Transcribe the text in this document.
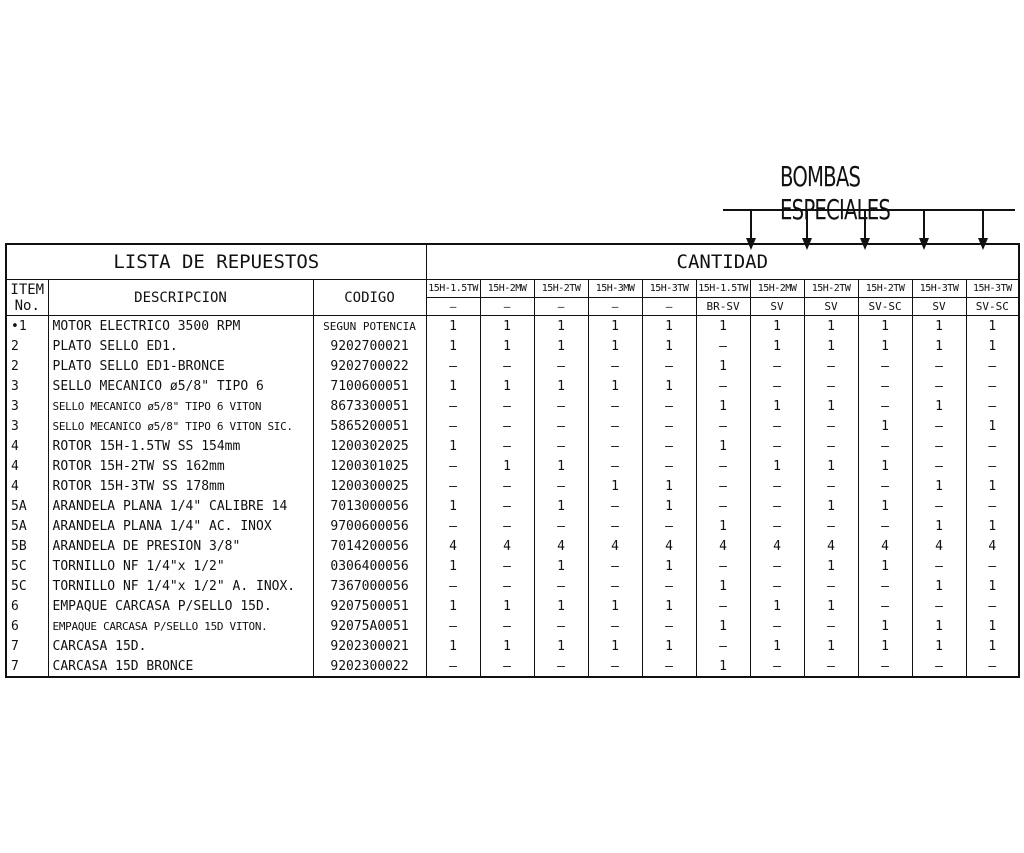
BOMBAS ESPECIALES
LISTA DE REPUESTOS			CANTIDAD										
ITEM
No.	DESCRIPCION	CODIGO	15H-1.5TW	15H-2MW	15H-2TW	15H-3MW	15H-3TW	15H-1.5TW	15H-2MW	15H-2TW	15H-2TW	15H-3TW	15H-3TW
			—	—	—	—	—	BR-SV	SV	SV	SV-SC	SV	SV-SC
•1	MOTOR ELECTRICO 3500 RPM	SEGUN POTENCIA	1	1	1	1	1	1	1	1	1	1	1
2	PLATO SELLO ED1.	9202700021	1	1	1	1	1	—	1	1	1	1	1
2	PLATO SELLO ED1-BRONCE	9202700022	—	—	—	—	—	1	—	—	—	—	—
3	SELLO MECANICO ø5/8" TIPO 6	7100600051	1	1	1	1	1	—	—	—	—	—	—
3	SELLO MECANICO ø5/8" TIPO 6 VITON	8673300051	—	—	—	—	—	1	1	1	—	1	—
3	SELLO MECANICO ø5/8" TIPO 6 VITON SIC.	5865200051	—	—	—	—	—	—	—	—	1	—	1
4	ROTOR 15H-1.5TW SS 154mm	1200302025	1	—	—	—	—	1	—	—	—	—	—
4	ROTOR 15H-2TW SS 162mm	1200301025	—	1	1	—	—	—	1	1	1	—	—
4	ROTOR 15H-3TW SS 178mm	1200300025	—	—	—	1	1	—	—	—	—	1	1
5A	ARANDELA PLANA 1/4" CALIBRE 14	7013000056	1	—	1	—	1	—	—	1	1	—	—
5A	ARANDELA PLANA 1/4" AC. INOX	9700600056	—	—	—	—	—	1	—	—	—	1	1
5B	ARANDELA DE PRESION 3/8"	7014200056	4	4	4	4	4	4	4	4	4	4	4
5C	TORNILLO NF 1/4"x 1/2"	0306400056	1	—	1	—	1	—	—	1	1	—	—
5C	TORNILLO NF 1/4"x 1/2" A. INOX.	7367000056	—	—	—	—	—	1	—	—	—	1	1
6	EMPAQUE CARCASA P/SELLO 15D.	9207500051	1	1	1	1	1	—	1	1	—	—	—
6	EMPAQUE CARCASA P/SELLO 15D VITON.	92075A0051	—	—	—	—	—	1	—	—	1	1	1
7	CARCASA 15D.	9202300021	1	1	1	1	1	—	1	1	1	1	1
7	CARCASA 15D BRONCE	9202300022	—	—	—	—	—	1	—	—	—	—	—
